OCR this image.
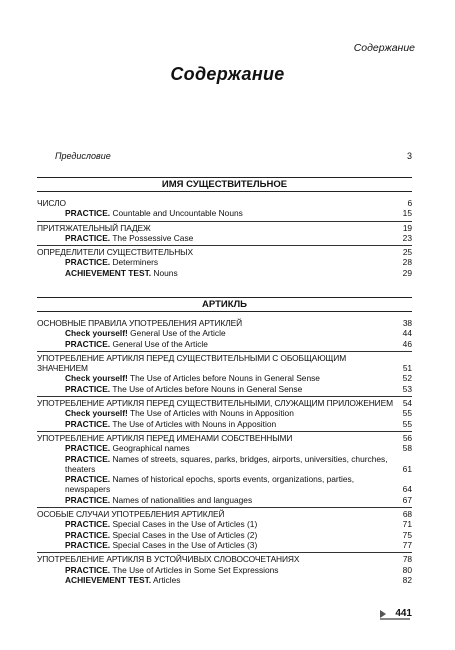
Содержание
Содержание
Предисловие	3
ИМЯ СУЩЕСТВИТЕЛЬНОЕ
ЧИСЛО	6
PRACTICE. Countable and Uncountable Nouns	15
ПРИТЯЖАТЕЛЬНЫЙ ПАДЕЖ	19
PRACTICE. The Possessive Case	23
ОПРЕДЕЛИТЕЛИ СУЩЕСТВИТЕЛЬНЫХ	25
PRACTICE. Determiners	28
ACHIEVEMENT TEST. Nouns	29
АРТИКЛЬ
ОСНОВНЫЕ ПРАВИЛА УПОТРЕБЛЕНИЯ АРТИКЛЕЙ	38
Check yourself! General Use of the Article	44
PRACTICE. General Use of the Article	46
УПОТРЕБЛЕНИЕ АРТИКЛЯ ПЕРЕД СУЩЕСТВИТЕЛЬНЫМИ С ОБОБЩАЮЩИМ ЗНАЧЕНИЕМ	51
Check yourself! The Use of Articles before Nouns in General Sense	52
PRACTICE. The Use of Articles before Nouns in General Sense	53
УПОТРЕБЛЕНИЕ АРТИКЛЯ ПЕРЕД СУЩЕСТВИТЕЛЬНЫМИ, СЛУЖАЩИМ ПРИЛОЖЕНИЕМ 54
Check yourself! The Use of Articles with Nouns in Apposition	55
PRACTICE. The Use of Articles with Nouns in Apposition	55
УПОТРЕБЛЕНИЕ АРТИКЛЯ ПЕРЕД ИМЕНАМИ СОБСТВЕННЫМИ	56
PRACTICE. Geographical names	58
PRACTICE. Names of streets, squares, parks, bridges, airports, universities, churches, theaters	61
PRACTICE. Names of historical epochs, sports events, organizations, parties, newspapers	64
PRACTICE. Names of nationalities and languages	67
ОСОБЫЕ СЛУЧАИ УПОТРЕБЛЕНИЯ АРТИКЛЕЙ	68
PRACTICE. Special Cases in the Use of Articles (1)	71
PRACTICE. Special Cases in the Use of Articles (2)	75
PRACTICE. Special Cases in the Use of Articles (3)	77
УПОТРЕБЛЕНИЕ АРТИКЛЯ В УСТОЙЧИВЫХ СЛОВОСОЧЕТАНИЯХ	78
PRACTICE. The Use of Articles in Some Set Expressions	80
ACHIEVEMENT TEST. Articles	82
441
